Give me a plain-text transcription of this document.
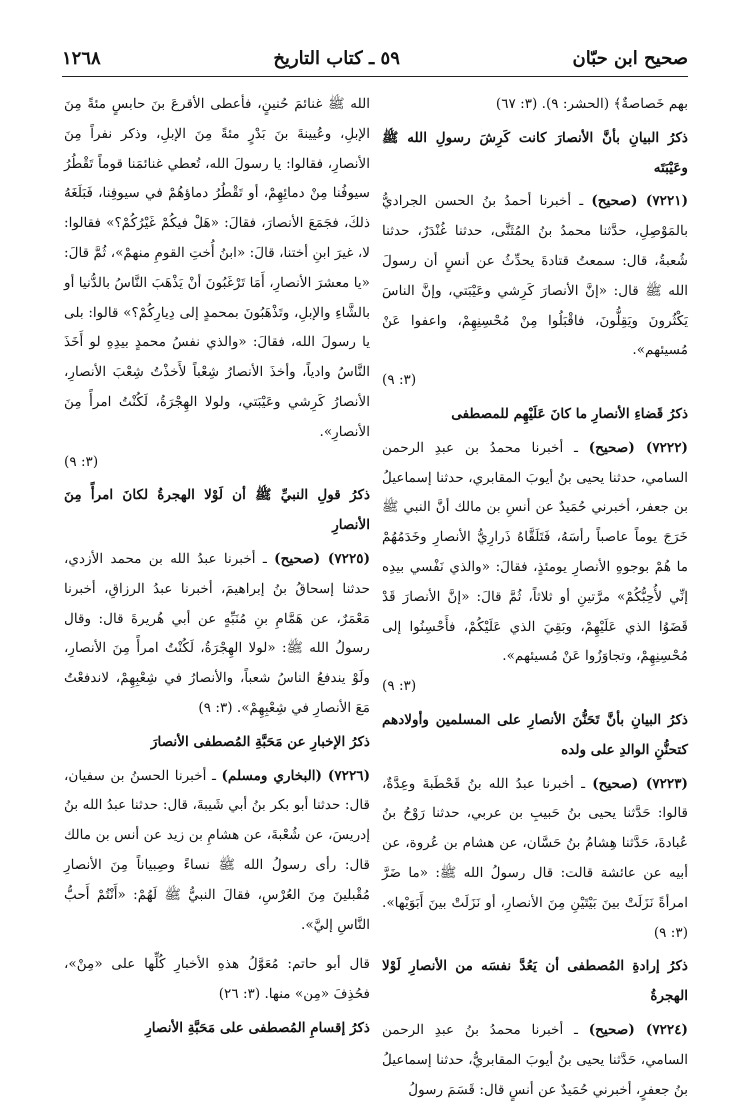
صحيح ابن حبّان
٥٩ ـ كتاب التاريخ
١٢٦٨

بهم خَصاصةٌ﴾ (الحشر: ٩). (٣: ٦٧)

ذكرُ البيانِ بأنَّ الأنصارَ كانت كَرِشَ رسولِ الله ﷺ وعَيْبَتَه

(٧٢٢١) (صحيح) ـ أخبرنا أحمدُ بنُ الحسن الجراديُّ بالمَوْصِلِ، حدَّثنا محمدُ بنُ المُثَنَّى، حدثنا غُنْدَرٌ، حدثنا شُعبةُ، قال: سمعتُ قتادةَ يحدِّثُ عن أنسٍ أن رسولَ الله ﷺ قال: «إنَّ الأنصارَ كَرِشي وعَيْبَتي، وإنَّ الناسَ يَكْثُرونَ ويَقِلُّونَ، فاقْبَلُوا مِنْ مُحْسِنِهِمْ، واعفوا عَنْ مُسيئهم».

(٣: ٩)

ذكرُ قَضاءِ الأنصارِ ما كانَ عَلَيْهِم للمصطفى

(٧٢٢٢) (صحيح) ـ أخبرنا محمدُ بن عبدِ الرحمن السامي، حدثنا يحيى بنُ أيوبَ المقابري، حدثنا إسماعيلُ بن جعفر، أخبرني حُمَيدٌ عن أنسِ بن مالك أنَّ النبي ﷺ خَرَجَ يوماً عاصباً رأسَهُ، فَتَلَقَّاهُ ذَرارِيُّ الأنصارِ وخَدَمُهُمْ ما هُمْ بوجوهِ الأنصارِ يومئذٍ، فقالَ: «والذي نَفْسي بيدِه إنِّي لأُحِبُّكُمْ» مرَّتينِ أو ثلاثاً، ثُمَّ قالَ: «إنَّ الأنصارَ قَدْ قَضَوُا الذي عَلَيْهِمْ، وبَقِيَ الذي عَلَيْكُمْ، فأَحْسِنُوا إلى مُحْسِنِهِمْ، وتجاوَزُوا عَنْ مُسيئهم».

(٣: ٩)

ذكرُ البيانِ بأنَّ تَحَنُّنَ الأنصارِ على المسلمين وأولادهم كتحنُّنِ الوالدِ على ولده

(٧٢٢٣) (صحيح) ـ أخبرنا عبدُ الله بنُ قَحْطَبةَ وعِدَّةٌ، قالوا: حَدَّثنا يحيى بنُ حَبيبِ بن عربي، حدثنا رَوْحُ بنُ عُبادةَ، حَدَّثنا هِشامُ بنُ حَسَّان، عن هشام بن عُروة، عن أبيه عن عائشة قالت: قال رسولُ الله ﷺ: «ما ضَرَّ امرأةً نَزَلَتْ بينَ بَيْتَيْنِ مِنَ الأنصارِ، أو نَزَلَتْ بينَ أَبَوَيْها». (٣: ٩)

ذكرُ إرادةِ المُصطفى أن يَعُدَّ نفسَه من الأنصارِ لَوْلا الهجرةُ

(٧٢٢٤) (صحيح) ـ أخبرنا محمدُ بنُ عبدِ الرحمن السامي، حَدَّثنا يحيى بنُ أيوبَ المقابريُّ، حدثنا إسماعيلُ بنُ جعفرٍ، أخبرني حُمَيدٌ عن أنسٍ قال: قَسَمَ رسولُ

الله ﷺ غنائمَ حُنينٍ، فأعطى الأقرعَ بنَ حابسٍ مئةً مِنَ الإبلِ، وعُيينةَ بنَ بَدْرٍ مئةً مِنَ الإبلِ، وذكر نفراً مِنَ الأنصارِ، فقالوا: يا رسولَ الله، تُعطي غنائمَنا قوماً تَقْطُرُ سيوفُنا مِنْ دمائِهِمْ، أو تَقْطُرُ دماؤهُمْ في سيوفِنا، فَبَلَغَهُ ذلكَ، فجَمَعَ الأنصارَ، فقالَ: «هَلْ فيكُمْ غَيْرُكُمْ؟» فقالوا: لا، غيرَ ابنِ أختنا، قالَ: «ابنُ أُختِ القومِ منهمْ»، ثُمَّ قالَ: «يا معشرَ الأنصارِ، أَمَا تَرْغَبُونَ أنْ يَذْهَبَ النَّاسُ بالدُّنيا أو بالشَّاءِ والإبلِ، وتَذْهَبُونَ بمحمدٍ إلى دِيارِكُمْ؟» قالوا: بلى يا رسولَ الله، فقالَ: «والذي نفسُ محمدٍ بيدِهِ لو أَخَذَ النَّاسُ وادياً، وأخذَ الأنصارُ شِعْباً لأَخذْتُ شِعْبَ الأنصارِ، الأنصارُ كَرِشي وعَيْبَتي، ولولا الهِجْرَةُ، لَكُنْتُ امرأً مِنَ الأنصارِ».

(٣: ٩)

ذكرُ قولِ النبيِّ ﷺ أن لَوْلا الهجرةُ لكانَ امرأً مِنَ الأنصارِ

(٧٢٢٥) (صحيح) ـ أخبرنا عبدُ الله بن محمد الأزدي، حدثنا إسحاقُ بنُ إبراهيمَ، أخبرنا عبدُ الرزاقِ، أخبرنا مَعْمَرٌ، عن هَمَّامِ بنِ مُنَبِّهٍ عن أبي هُريرةَ قال: وقال رسولُ الله ﷺ: «لولا الهِجْرَةُ، لَكُنْتُ امرأً مِنَ الأنصارِ، ولَوْ يندفعُ الناسُ شعباً، والأنصارُ في شِعْبِهِمْ، لاندفعْتُ مَعَ الأنصارِ في شِعْبِهِمْ». (٣: ٩)

ذكرُ الإخبارِ عن مَحَبَّةِ المُصطفى الأنصارَ

(٧٢٢٦) (البخاري ومسلم) ـ أخبرنا الحسنُ بن سفيان، قال: حدثنا أبو بكر بنُ أبي شَيبةَ، قال: حدثنا عبدُ الله بنُ إدريسَ، عن شُعْبةَ، عن هشامِ بن زيد عن أنس بن مالك قال: رأى رسولُ الله ﷺ نساءً وصِبياناً مِنَ الأنصارِ مُقْبلينَ مِنَ العُرْسِ، فقالَ النبيُّ ﷺ لَهُمْ: «أَنْتُمْ أَحبُّ النَّاسِ إليَّ».

قال أبو حاتم: مُعَوَّلُ هذهِ الأخبارِ كُلِّها على «مِنْ»، فحُذِفَ «مِن» منها. (٣: ٢٦)

ذكرُ إقسامِ المُصطفى على مَحَبَّةِ الأنصارِ
